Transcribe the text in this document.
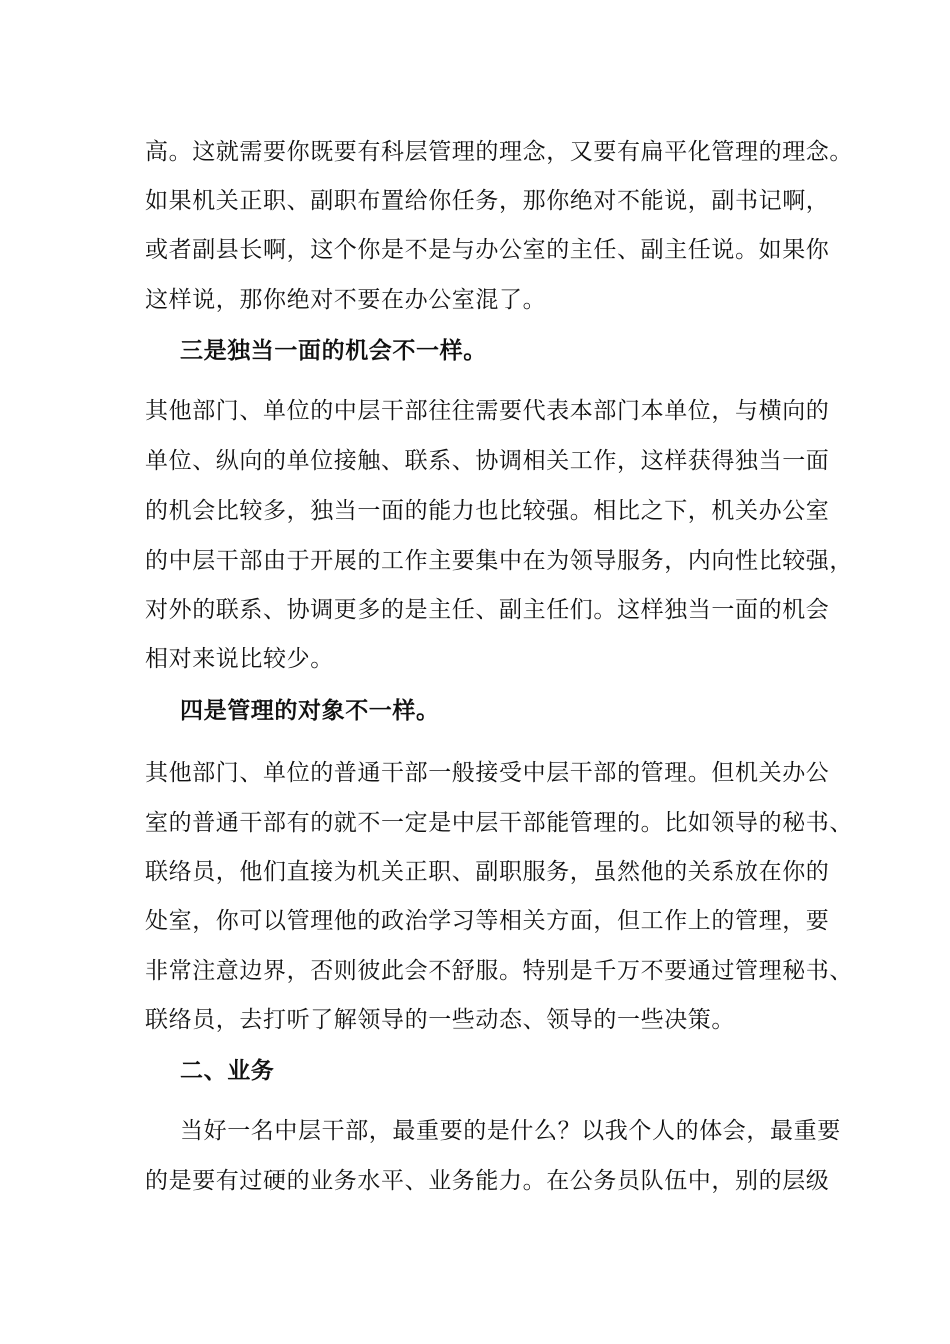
高。这就需要你既要有科层管理的理念，又要有扁平化管理的理念。
如果机关正职、副职布置给你任务，那你绝对不能说，副书记啊，
或者副县长啊，这个你是不是与办公室的主任、副主任说。如果你
这样说，那你绝对不要在办公室混了。
三是独当一面的机会不一样。
其他部门、单位的中层干部往往需要代表本部门本单位，与横向的
单位、纵向的单位接触、联系、协调相关工作，这样获得独当一面
的机会比较多，独当一面的能力也比较强。相比之下，机关办公室
的中层干部由于开展的工作主要集中在为领导服务，内向性比较强，
对外的联系、协调更多的是主任、副主任们。这样独当一面的机会
相对来说比较少。
四是管理的对象不一样。
其他部门、单位的普通干部一般接受中层干部的管理。但机关办公
室的普通干部有的就不一定是中层干部能管理的。比如领导的秘书、
联络员，他们直接为机关正职、副职服务，虽然他的关系放在你的
处室，你可以管理他的政治学习等相关方面，但工作上的管理，要
非常注意边界，否则彼此会不舒服。特别是千万不要通过管理秘书、
联络员，去打听了解领导的一些动态、领导的一些决策。
二、业务
当好一名中层干部，最重要的是什么？以我个人的体会，最重要
的是要有过硬的业务水平、业务能力。在公务员队伍中，别的层级
